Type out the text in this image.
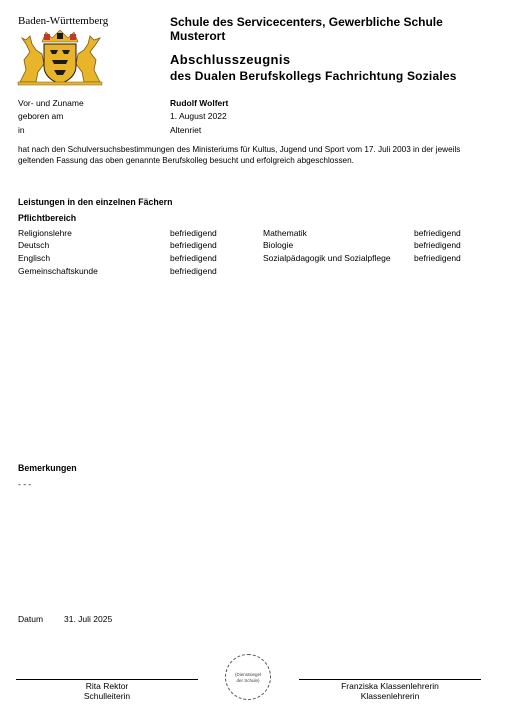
Baden-Württemberg	Schule des Servicecenters, Gewerbliche Schule
Musterort
Abschlusszeugnis
des Dualen Berufskollegs Fachrichtung Soziales
Vor- und Zuname	Rudolf Wolfert
geboren am	1. August 2022
in	Altenriet
hat nach den Schulversuchsbestimmungen des Ministeriums für Kultus, Jugend und Sport vom 17. Juli 2003 in der jeweils geltenden Fassung das oben genannte Berufskolleg besucht und erfolgreich abgeschlossen.
Leistungen in den einzelnen Fächern
Pflichtbereich
Religionslehre	befriedigend	Mathematik	befriedigend
Deutsch	befriedigend	Biologie	befriedigend
Englisch	befriedigend	Sozialpädagogik und Sozialpflege	befriedigend
Gemeinschaftskunde	befriedigend
Bemerkungen
- - -
Datum 31. Juli 2025
Rita Rektor
Schulleiterin
(Dienstsiegel
der Schule)
Franziska Klassenlehrerin
Klassenlehrerin
